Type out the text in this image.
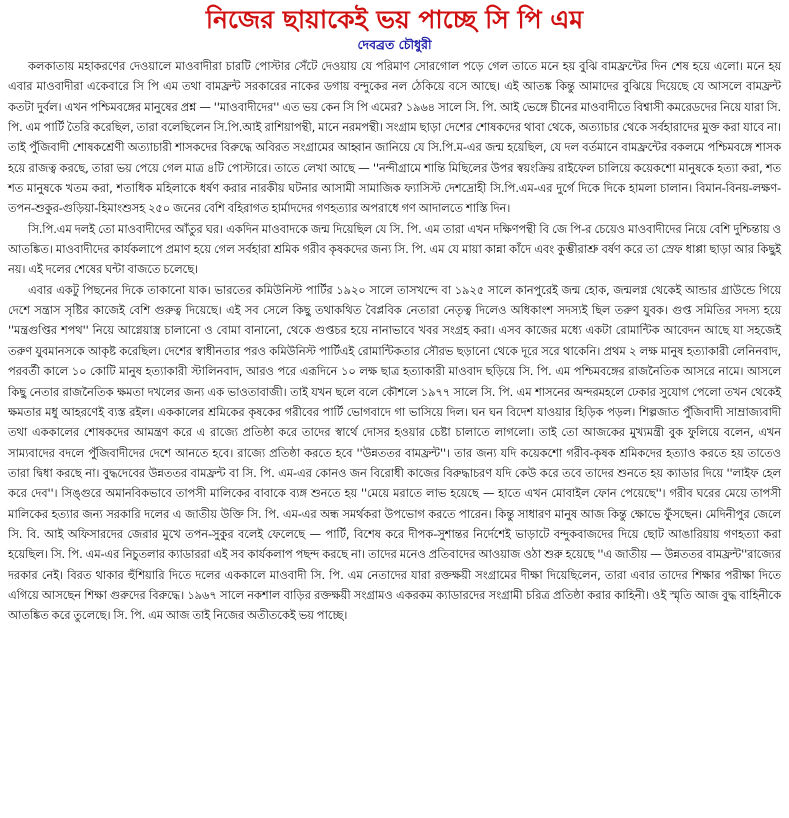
নিজের ছায়াকেই ভয় পাচ্ছে সি পি এম
দেবব্রত চৌধুরী

কলকাতায় মহাকরণের দেওয়ালে মাওবাদীরা চারটি পোস্টার সেঁটে দেওয়ায় যে পরিমাণ সোরগোল পড়ে গেল তাতে মনে হয় বুঝি বামফ্রন্টের দিন শেষ হয়ে এলো। মনে হয় এবার মাওবাদীরা একেবারে সি পি এম তথা বামফ্রন্ট সরকারের নাকের ডগায় বন্দুকের নল ঠেকিয়ে বসে আছে। এই আতঙ্ক কিন্তু আমাদের বুঝিয়ে দিয়েছে যে আসলে বামফ্রন্ট কতটা দুর্বল। এখন পশ্চিমবঙ্গের মানুষের প্রশ্ন — ''মাওবাদীদের'' এত ভয় কেন সি পি এমের? ১৯৬৪ সালে সি. পি. আই ভেঙ্গে চীনের মাওবাদীতে বিশ্বাসী কমরেডদের নিয়ে যারা সি. পি. এম পার্টি তৈরি করেছিল, তারা বলেছিলেন সি.পি.আই রাশিয়াপন্থী, মানে নরমপন্থী। সংগ্রাম ছাড়া দেশের শোষকদের থাবা থেকে, অত্যাচার থেকে সর্বহারাদের মুক্ত করা যাবে না। তাই পুঁজিবাদী শোষকশ্রেণী অত্যাচারী শাসকদের বিরুদ্ধে অবিরত সংগ্রামের আহ্বান জানিয়ে যে সি.পি.ম-এর জন্ম হয়েছিল, যে দল বর্তমানে বামফ্রন্টের বকলমে পশ্চিমবঙ্গে শাসক হয়ে রাজত্ব করছে, তারা ভয় পেয়ে গেল মাত্র ৪টি পোস্টারে। তাতে লেখা আছে — ''নন্দীগ্রামে শান্তি মিছিলের উপর স্বয়ংক্রিয় রাইফেল চালিয়ে কয়েকশো মানুষকে হত্যা করা, শত শত মানুষকে খতম করা, শতাধিক মহিলাকে ধর্ষণ করার নারকীয় ঘটনার আসামী সামাজিক ফ্যাসিস্ট দেশদ্রোহী সি.পি.এম-এর দুর্গে দিকে দিকে হামলা চালান। বিমান-বিনয়-লক্ষণ-তপন-শুকুর-গুড়িয়া-হিমাংশুসহ ২৫০ জনের বেশি বহিরাগত হার্মাদদের গণহত্যার অপরাধে গণ আদালতে শাস্তি দিন।

সি.পি.এম দলই তো মাওবাদীদের আঁতুর ঘর। একদিন মাওবাদকে জন্ম দিয়েছিল যে সি. পি. এম তারা এখন দক্ষিণপন্থী বি জে পি-র চেয়েও মাওবাদীদের নিয়ে বেশি দুশ্চিন্তায় ও আতঙ্কিত। মাওবাদীদের কার্যকলাপে প্রমাণ হয়ে গেল সর্বহারা শ্রমিক গরীব কৃষকদের জন্য সি. পি. এম যে মায়া কান্না কাঁদে এবং কুম্ভীরাশ্রু বর্ষণ করে তা স্রেফ ধাপ্পা ছাড়া আর কিছুই নয়। এই দলের শেষের ঘন্টা বাজতে চলেছে।

এবার একটু পিছনের দিকে তাকানো যাক। ভারতের কমিউনিস্ট পার্টির ১৯২০ সালে তাসখন্দে বা ১৯২৫ সালে কানপুরেই জন্ম হোক, জন্মলগ্ন থেকেই আন্ডার গ্রাউন্ডে গিয়ে দেশে সন্ত্রাস সৃষ্টির কাজেই বেশি গুরুত্ব দিয়েছে। এই সব সেলে কিছু তথাকথিত বৈপ্লবিক নেতারা নেতৃত্ব দিলেও অধিকাংশ সদস্যই ছিল তরুণ যুবক। গুপ্ত সমিতির সদস্য হয়ে ''মন্ত্রগুপ্তির শপথ'' নিয়ে আগ্নেয়াস্ত্র চালানো ও বোমা বানানো, থেকে গুপ্তচর হয়ে নানাভাবে খবর সংগ্রহ করা। এসব কাজের মধ্যে একটা রোমান্টিক আবেদন আছে যা সহজেই তরুণ যুবমানসকে আকৃষ্ট করেছিল। দেশের স্বাধীনতার পরও কমিউনিস্ট পার্টিএই রোমান্টিকতার সৌরভ ছড়ানো থেকে দূরে সরে থাকেনি। প্রথম ২ লক্ষ মানুষ হত্যাকারী লেনিনবাদ, পরবর্তী কালে ১০ কোটি মানুষ হত্যাকারী স্টালিনবাদ, আরও পরে এরূদিনে ১০ লক্ষ ছাত্র হত্যাকারী মাওবাদ ছড়িয়ে সি. পি. এম পশ্চিমবঙ্গের রাজনৈতিক আসরে নামে। আসলে কিছু নেতার রাজনৈতিক ক্ষমতা দখলের জন্য এক ভাওতাবাজী। তাই যখন ছলে বলে কৌশলে ১৯৭৭ সালে সি. পি. এম শাসনের অন্দরমহলে ঢেকার সুযোগ পেলো তখন থেকেই ক্ষমতার মধু আহরণেই ব্যস্ত রইল। এককালের শ্রমিকের কৃষকের গরীবের পার্টি ভোগবাদে গা ভাসিয়ে দিল। ঘন ঘন বিদেশ যাওয়ার হিড়িক পড়ল। শিল্পজাত পুঁজিবাদী সাম্রাজ্যবাদী তথা এককালের শোষকদের আমন্ত্রণ করে এ রাজ্যে প্রতিষ্ঠা করে তাদের স্বার্থে দোসর হওয়ার চেষ্টা চালাতে লাগলো। তাই তো আজকের মুখ্যমন্ত্রী বুক ফুলিয়ে বলেন, এখন সাম্যবাদের বদলে পুঁজিবাদীদের দেশে আনতে হবে। রাজ্যে প্রতিষ্ঠা করতে হবে ''উন্নততর বামফ্রন্ট''। তার জন্য যদি কয়েকশো গরীব-কৃষক শ্রমিকদের হত্যাও করতে হয় তাতেও তারা দ্বিধা করছে না। বুদ্ধদেবের উন্নততর বামফ্রন্ট বা সি. পি. এম-এর কোনও জন বিরোধী কাজের বিরুদ্ধাচরণ যদি কেউ করে তবে তাদের শুনতে হয় ক্যাডার দিয়ে ''লাইফ হেল করে দেব''। সিঙ্গুরে অমানবিকভাবে তাপসী মালিকের বাবাকে ব্যঙ্গ শুনতে হয় ''মেয়ে মরাতে লাভ হয়েছে — হাতে এখন মোবাইল ফোন পেয়েছে''। গরীব ঘরের মেয়ে তাপসী মালিকের হত্যার জন্য সরকারি দলের এ জাতীয় উক্তি সি. পি. এম-এর অন্ধ সমর্থকরা উপভোগ করতে পারেন। কিন্তু সাধারণ মানুষ আজ কিন্তু ক্ষোভে ফুঁসছেন। মেদিনীপুর জেলে সি. বি. আই অফিসারদের জেরার মুখে তপন-সুকুর বলেই ফেলেছে — পার্টি, বিশেষ করে দীপক-সুশান্তর নির্দেশেই ভাড়াটে বন্দুকবাজদের দিয়ে ছোট আঙারিয়ায় গণহত্যা করা হয়েছিল। সি. পি. এম-এর নিচুতলার ক্যাডাররা এই সব কার্যকলাপ পছন্দ করছে না। তাদের মনেও প্রতিবাদের আওয়াজ ওঠা শুরু হয়েছে ''এ জাতীয় — উন্নততর বামফ্রন্ট''রাজ্যের দরকার নেই। বিরত থাকার হুঁশিয়ারি দিতে দলের এককালে মাওবাদী সি. পি. এম নেতাদের যারা রক্তক্ষয়ী সংগ্রামের দীক্ষা দিয়েছিলেন, তারা এবার তাদের শিক্ষার পরীক্ষা দিতে এগিয়ে আসছেন শিক্ষা গুরুদের বিরুদ্ধে। ১৯৬৭ সালে নকশাল বাড়ির রক্তক্ষয়ী সংগ্রামও একরকম ক্যাডারদের সংগ্রামী চরিত্র প্রতিষ্ঠা করার কাহিনী। ওই স্মৃতি আজ বুদ্ধ বাহিনীকে আতঙ্কিত করে তুলেছে। সি. পি. এম আজ তাই নিজের অতীতকেই ভয় পাচ্ছে।
